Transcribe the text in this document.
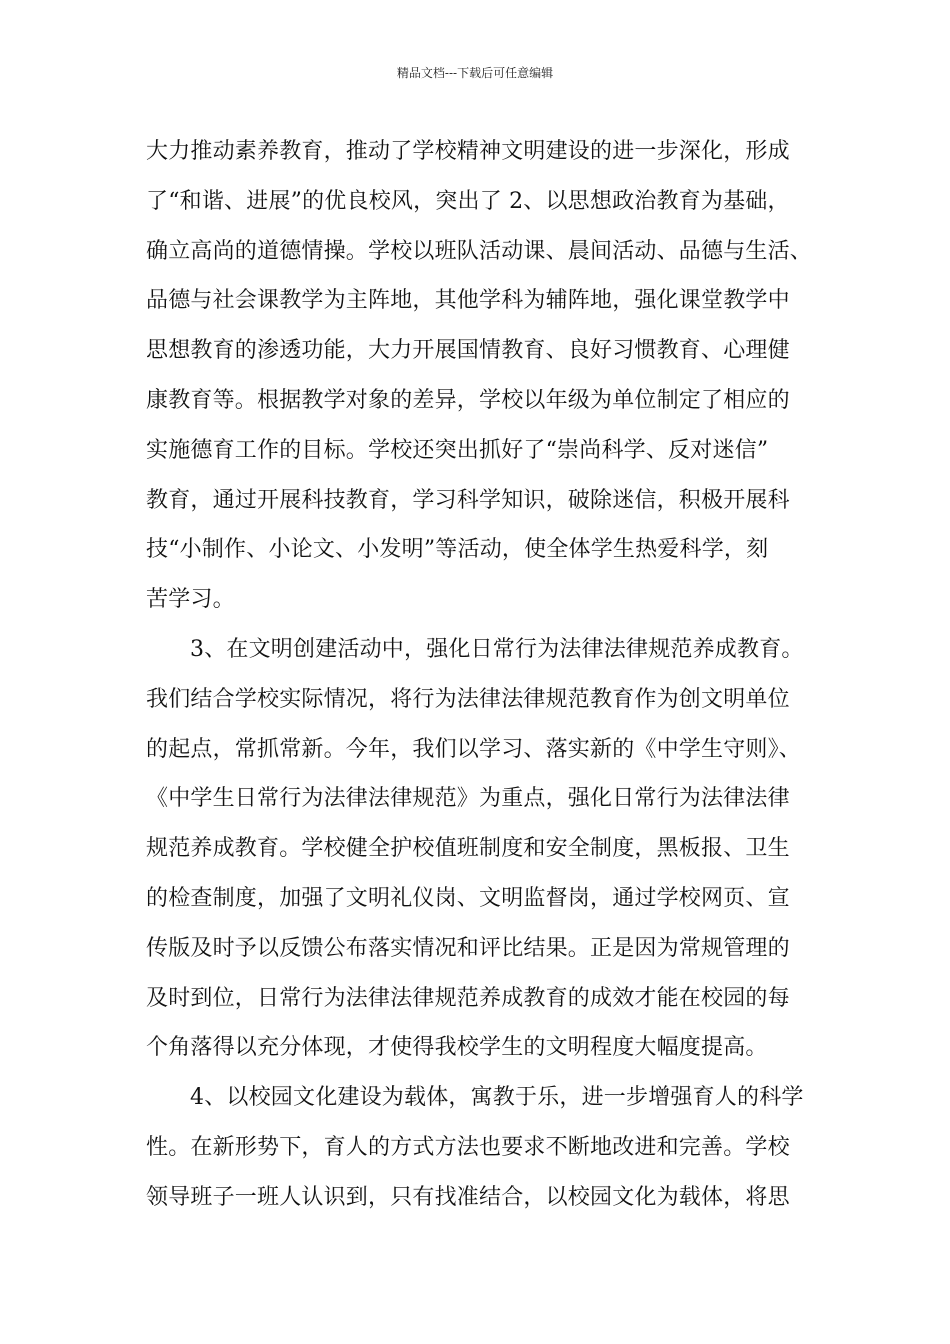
精品文档---下载后可任意编辑
大力推动素养教育，推动了学校精神文明建设的进一步深化，形成
了“和谐、进展”的优良校风，突出了 2、以思想政治教育为基础，
确立高尚的道德情操。学校以班队活动课、晨间活动、品德与生活、
品德与社会课教学为主阵地，其他学科为辅阵地，强化课堂教学中
思想教育的渗透功能，大力开展国情教育、良好习惯教育、心理健
康教育等。根据教学对象的差异，学校以年级为单位制定了相应的
实施德育工作的目标。学校还突出抓好了“崇尚科学、反对迷信”
教育，通过开展科技教育，学习科学知识，破除迷信，积极开展科
技“小制作、小论文、小发明”等活动，使全体学生热爱科学，刻
苦学习。
3、在文明创建活动中，强化日常行为法律法律规范养成教育。
我们结合学校实际情况，将行为法律法律规范教育作为创文明单位
的起点，常抓常新。今年，我们以学习、落实新的《中学生守则》、
《中学生日常行为法律法律规范》为重点，强化日常行为法律法律
规范养成教育。学校健全护校值班制度和安全制度，黑板报、卫生
的检查制度，加强了文明礼仪岗、文明监督岗，通过学校网页、宣
传版及时予以反馈公布落实情况和评比结果。正是因为常规管理的
及时到位，日常行为法律法律规范养成教育的成效才能在校园的每
个角落得以充分体现，才使得我校学生的文明程度大幅度提高。
4、以校园文化建设为载体，寓教于乐，进一步增强育人的科学
性。在新形势下，育人的方式方法也要求不断地改进和完善。学校
领导班子一班人认识到，只有找准结合，以校园文化为载体，将思
